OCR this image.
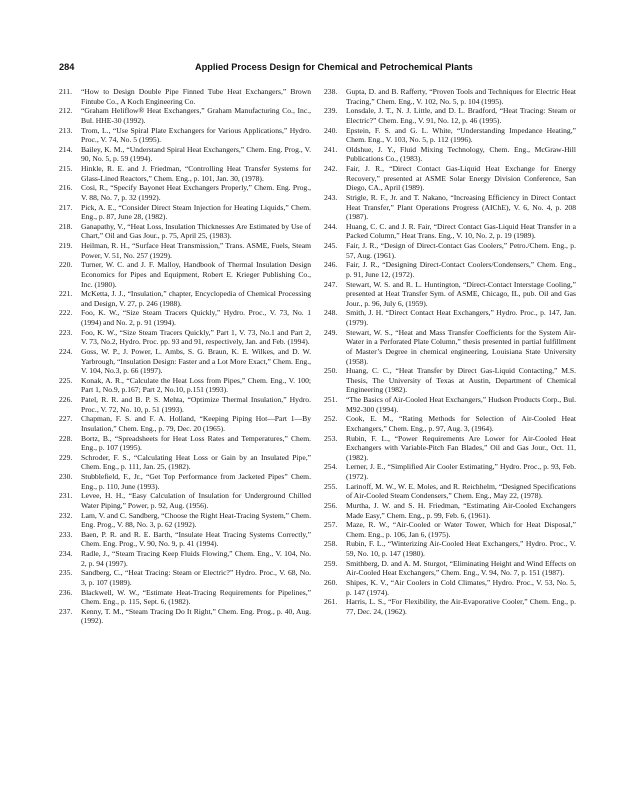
284	Applied Process Design for Chemical and Petrochemical Plants
211. “How to Design Double Pipe Finned Tube Heat Exchangers,” Brown Fintube Co., A Koch Engineering Co.
212. “Graham Heliflow® Heat Exchangers,” Graham Manufacturing Co., Inc., Bul. HHE-30 (1992).
213. Trom, L., “Use Spiral Plate Exchangers for Various Applications,” Hydro. Proc., V. 74, No. 5 (1995).
214. Bailey, K. M., “Understand Spiral Heat Exchangers,” Chem. Eng. Prog., V. 90, No. 5, p. 59 (1994).
215. Hinkle, R. E. and J. Friedman, “Controlling Heat Transfer Systems for Glass-Lined Reactors,” Chem. Eng., p. 101, Jan. 30, (1978).
216. Cosi, R., “Specify Bayonet Heat Exchangers Properly,” Chem. Eng. Prog., V. 88, No. 7, p. 32 (1992).
217. Pick, A. E., “Consider Direct Steam Injection for Heating Liquids,” Chem. Eng., p. 87, June 28, (1982).
218. Ganapathy, V., “Heat Loss, Insulation Thicknesses Are Estimated by Use of Chart,” Oil and Gas Jour., p. 75, April 25, (1983).
219. Heilman, R. H., “Surface Heat Transmission,” Trans. ASME, Fuels, Steam Power, V. 51, No. 257 (1929).
220. Turner, W. C. and J. F. Malloy, Handbook of Thermal Insulation Design Economics for Pipes and Equipment, Robert E. Krieger Publishing Co., Inc. (1980).
221. McKetta, J. J., “Insulation,” chapter, Encyclopedia of Chemical Processing and Design, V. 27, p. 246 (1988).
222. Foo, K. W., “Size Steam Tracers Quickly,” Hydro. Proc., V. 73, No. 1 (1994) and No. 2, p. 91 (1994).
223. Foo, K. W., “Size Steam Tracers Quickly,” Part 1, V. 73, No.1 and Part 2, V. 73, No.2, Hydro. Proc. pp. 93 and 91, respectively, Jan. and Feb. (1994).
224. Goss, W. P., J. Power, L. Ambs, S. G. Braun, K. E. Wilkes, and D. W. Yarbrough, “Insulation Design: Faster and a Lot More Exact,” Chem. Eng., V. 104, No.3, p. 66 (1997).
225. Konak, A. R., “Calculate the Heat Loss from Pipes,” Chem. Eng., V. 100; Part 1, No.9, p.167; Part 2, No.10, p.151 (1993).
226. Patel, R. R. and B. P. S. Mehta, “Optimize Thermal Insulation,” Hydro. Proc., V. 72, No. 10, p. 51 (1993).
227. Chapman, F. S. and F. A. Holland, “Keeping Piping Hot—Part 1—By Insulation,” Chem. Eng., p. 79, Dec. 20 (1965).
228. Bortz, B., “Spreadsheets for Heat Loss Rates and Temperatures,” Chem. Eng., p. 107 (1995).
229. Schroder, F. S., “Calculating Heat Loss or Gain by an Insulated Pipe,” Chem. Eng., p. 111, Jan. 25, (1982).
230. Stubblefield, F., Jr., “Get Top Performance from Jacketed Pipes” Chem. Eng., p. 110, June (1993).
231. Levee, H. H., “Easy Calculation of Insulation for Underground Chilled Water Piping,” Power, p. 92, Aug. (1956).
232. Lam, V. and C. Sandberg, “Choose the Right Heat-Tracing System,” Chem. Eng. Prog., V. 88, No. 3, p. 62 (1992).
233. Baen, P. R. and R. E. Barth, “Insulate Heat Tracing Systems Correctly,” Chem. Eng. Prog., V. 90, No. 9, p. 41 (1994).
234. Radle, J., “Steam Tracing Keep Fluids Flowing,” Chem. Eng., V. 104, No. 2, p. 94 (1997).
235. Sandberg, C., “Heat Tracing: Steam or Electric?” Hydro. Proc., V. 68, No. 3, p. 107 (1989).
236. Blackwell, W. W., “Estimate Heat-Tracing Requirements for Pipelines,” Chem. Eng., p. 115, Sept. 6, (1982).
237. Kenny, T. M., “Steam Tracing Do It Right,” Chem. Eng. Prog., p. 40, Aug. (1992).
238. Gupta, D. and B. Rafferty, “Proven Tools and Techniques for Electric Heat Tracing,” Chem. Eng., V. 102, No. 5, p. 104 (1995).
239. Lonsdale, J. T., N. J. Little, and D. L. Bradford, “Heat Tracing: Steam or Electric?” Chem. Eng., V. 91, No. 12, p. 46 (1995).
240. Epstein, F. S. and G. L. White, “Understanding Impedance Heating,” Chem. Eng., V. 103, No. 5, p. 112 (1996).
241. Oldshue, J. Y., Fluid Mixing Technology, Chem. Eng., McGraw-Hill Publications Co., (1983).
242. Fair, J. R., “Direct Contact Gas-Liquid Heat Exchange for Energy Recovery,” presented at ASME Solar Energy Division Conference, San Diego, CA., April (1989).
243. Strigle, R. F., Jr. and T. Nakano, “Increasing Efficiency in Direct Contact Heat Transfer,” Plant Operations Progress (AIChE), V. 6, No. 4, p. 208 (1987).
244. Huang, C. C. and J. R. Fair, “Direct Contact Gas-Liquid Heat Transfer in a Packed Column,” Heat Trans. Eng., V. 10, No. 2, p. 19 (1989).
245. Fair, J. R., “Design of Direct-Contact Gas Coolers,” Petro./Chem. Eng., p. 57, Aug. (1961).
246. Fair, J. R., “Designing Direct-Contact Coolers/Condensers,” Chem. Eng., p. 91, June 12, (1972).
247. Stewart, W. S. and R. L. Huntington, “Direct-Contact Interstage Cooling,” presented at Heat Transfer Sym. of ASME, Chicago, IL, pub. Oil and Gas Jour., p. 96, July 6, (1959).
248. Smith, J. H. “Direct Contact Heat Exchangers,” Hydro. Proc., p. 147, Jan. (1979).
249. Stewart, W. S., “Heat and Mass Transfer Coefficients for the System Air-Water in a Perforated Plate Column,” thesis presented in partial fulfillment of Master’s Degree in chemical engineering, Louisiana State University (1958).
250. Huang, C. C., “Heat Transfer by Direct Gas-Liquid Contacting,” M.S. Thesis, The University of Texas at Austin, Department of Chemical Engineering (1982).
251. “The Basics of Air-Cooled Heat Exchangers,” Hudson Products Corp., Bul. M92-300 (1994).
252. Cook, E. M., “Rating Methods for Selection of Air-Cooled Heat Exchangers,” Chem. Eng., p. 97, Aug. 3, (1964).
253. Rubin, F. L., “Power Requirements Are Lower for Air-Cooled Heat Exchangers with Variable-Pitch Fan Blades,” Oil and Gas Jour., Oct. 11, (1982).
254. Lerner, J. E., “Simplified Air Cooler Estimating,” Hydro. Proc., p. 93, Feb. (1972).
255. Larinoff, M. W., W. E. Moles, and R. Reichhelm, “Designed Specifications of Air-Cooled Steam Condensers,” Chem. Eng., May 22, (1978).
256. Murtha, J. W. and S. H. Friedman, “Estimating Air-Cooled Exchangers Made Easy,” Chem. Eng., p. 99, Feb. 6, (1961).
257. Maze, R. W., “Air-Cooled or Water Tower, Which for Heat Disposal,” Chem. Eng., p. 106, Jan 6, (1975).
258. Rubin, F. L., “Winterizing Air-Cooled Heat Exchangers,” Hydro. Proc., V. 59, No. 10, p. 147 (1980).
259. Smithberg, D. and A. M. Sturgot, “Eliminating Height and Wind Effects on Air-Cooled Heat Exchangers,” Chem. Eng., V. 94, No. 7, p. 151 (1987).
260. Shipes, K. V., “Air Coolers in Cold Climates,” Hydro. Proc., V. 53, No. 5, p. 147 (1974).
261. Harris, L. S., “For Flexibility, the Air-Evaporative Cooler,” Chem. Eng., p. 77, Dec. 24, (1962).
